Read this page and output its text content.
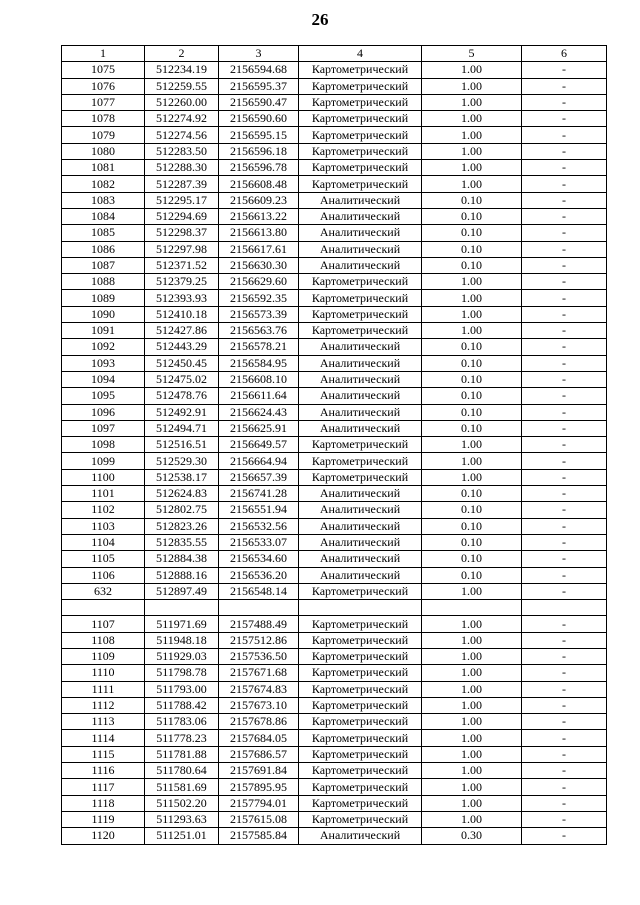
26
1	2	3	4	5	6
1075	512234.19	2156594.68	Картометрический	1.00	-
1076	512259.55	2156595.37	Картометрический	1.00	-
1077	512260.00	2156590.47	Картометрический	1.00	-
1078	512274.92	2156590.60	Картометрический	1.00	-
1079	512274.56	2156595.15	Картометрический	1.00	-
1080	512283.50	2156596.18	Картометрический	1.00	-
1081	512288.30	2156596.78	Картометрический	1.00	-
1082	512287.39	2156608.48	Картометрический	1.00	-
1083	512295.17	2156609.23	Аналитический	0.10	-
1084	512294.69	2156613.22	Аналитический	0.10	-
1085	512298.37	2156613.80	Аналитический	0.10	-
1086	512297.98	2156617.61	Аналитический	0.10	-
1087	512371.52	2156630.30	Аналитический	0.10	-
1088	512379.25	2156629.60	Картометрический	1.00	-
1089	512393.93	2156592.35	Картометрический	1.00	-
1090	512410.18	2156573.39	Картометрический	1.00	-
1091	512427.86	2156563.76	Картометрический	1.00	-
1092	512443.29	2156578.21	Аналитический	0.10	-
1093	512450.45	2156584.95	Аналитический	0.10	-
1094	512475.02	2156608.10	Аналитический	0.10	-
1095	512478.76	2156611.64	Аналитический	0.10	-
1096	512492.91	2156624.43	Аналитический	0.10	-
1097	512494.71	2156625.91	Аналитический	0.10	-
1098	512516.51	2156649.57	Картометрический	1.00	-
1099	512529.30	2156664.94	Картометрический	1.00	-
1100	512538.17	2156657.39	Картометрический	1.00	-
1101	512624.83	2156741.28	Аналитический	0.10	-
1102	512802.75	2156551.94	Аналитический	0.10	-
1103	512823.26	2156532.56	Аналитический	0.10	-
1104	512835.55	2156533.07	Аналитический	0.10	-
1105	512884.38	2156534.60	Аналитический	0.10	-
1106	512888.16	2156536.20	Аналитический	0.10	-
632	512897.49	2156548.14	Картометрический	1.00	-

1107	511971.69	2157488.49	Картометрический	1.00	-
1108	511948.18	2157512.86	Картометрический	1.00	-
1109	511929.03	2157536.50	Картометрический	1.00	-
1110	511798.78	2157671.68	Картометрический	1.00	-
1111	511793.00	2157674.83	Картометрический	1.00	-
1112	511788.42	2157673.10	Картометрический	1.00	-
1113	511783.06	2157678.86	Картометрический	1.00	-
1114	511778.23	2157684.05	Картометрический	1.00	-
1115	511781.88	2157686.57	Картометрический	1.00	-
1116	511780.64	2157691.84	Картометрический	1.00	-
1117	511581.69	2157895.95	Картометрический	1.00	-
1118	511502.20	2157794.01	Картометрический	1.00	-
1119	511293.63	2157615.08	Картометрический	1.00	-
1120	511251.01	2157585.84	Аналитический	0.30	-
